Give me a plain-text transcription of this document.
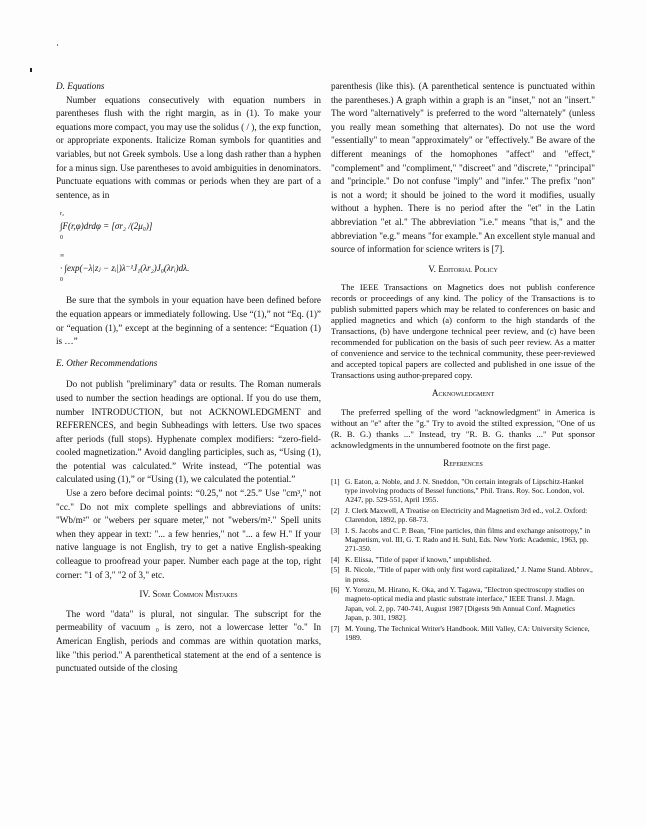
D. Equations

Number equations consecutively with equation numbers in parentheses flush with the right margin, as in (1). To make your equations more compact, you may use the solidus ( / ), the exp function, or appropriate exponents. Italicize Roman symbols for quantities and variables, but not Greek symbols. Use a long dash rather than a hyphen for a minus sign. Use parentheses to avoid ambiguities in denominators. Punctuate equations with commas or periods when they are part of a sentence, as in

r₂
∫F(r,φ)drdφ = [σr₂ /(2μ₀)]
0
∞
· ∫exp(−λ|zⱼ − zᵢ|)λ⁻¹J₁(λr₂)J₀(λrᵢ)dλ.
0

Be sure that the symbols in your equation have been defined before the equation appears or immediately following. Use “(1),” not “Eq. (1)” or “equation (1),” except at the beginning of a sentence: “Equation (1) is …”

E. Other Recommendations

Do not publish "preliminary" data or results. The Roman numerals used to number the section headings are optional. If you do use them, number INTRODUCTION, but not ACKNOWLEDGMENT and REFERENCES, and begin Subheadings with letters. Use two spaces after periods (full stops). Hyphenate complex modifiers: “zero-field-cooled magnetization.” Avoid dangling participles, such as, “Using (1), the potential was calculated.” Write instead, “The potential was calculated using (1),” or “Using (1), we calculated the potential.”

Use a zero before decimal points: “0.25,” not “.25.” Use "cm³," not "cc." Do not mix complete spellings and abbreviations of units: "Wb/m²" or "webers per square meter," not "webers/m²." Spell units when they appear in text: "... a few henries," not "... a few H." If your native language is not English, try to get a native English-speaking colleague to proofread your paper. Number each page at the top, right corner: "1 of 3," "2 of 3," etc.

IV. Some Common Mistakes

The word "data" is plural, not singular. The subscript for the permeability of vacuum ₀ is zero, not a lowercase letter "o." In American English, periods and commas are within quotation marks, like "this period." A parenthetical statement at the end of a sentence is punctuated outside of the closing

parenthesis (like this). (A parenthetical sentence is punctuated within the parentheses.) A graph within a graph is an "inset," not an "insert." The word "alternatively" is preferred to the word "alternately" (unless you really mean something that alternates). Do not use the word "essentially" to mean "approximately" or "effectively." Be aware of the different meanings of the homophones "affect" and "effect," "complement" and "compliment," "discreet" and "discrete," "principal" and "principle." Do not confuse "imply" and "infer." The prefix "non" is not a word; it should be joined to the word it modifies, usually without a hyphen. There is no period after the "et" in the Latin abbreviation "et al." The abbreviation "i.e." means "that is," and the abbreviation "e.g." means "for example." An excellent style manual and source of information for science writers is [7].

V. Editorial Policy

The IEEE Transactions on Magnetics does not publish conference records or proceedings of any kind. The policy of the Transactions is to publish submitted papers which may be related to conferences on basic and applied magnetics and which (a) conform to the high standards of the Transactions, (b) have undergone technical peer review, and (c) have been recommended for publication on the basis of such peer review. As a matter of convenience and service to the technical community, these peer-reviewed and accepted topical papers are collected and published in one issue of the Transactions using author-prepared copy.

Acknowledgment

The preferred spelling of the word "acknowledgment" in America is without an "e" after the "g." Try to avoid the stilted expression, "One of us (R. B. G.) thanks ..." Instead, try "R. B. G. thanks ..." Put sponsor acknowledgments in the unnumbered footnote on the first page.

References
[1] G. Eaton, a. Noble, and J. N. Sneddon, "On certain integrals of Lipschitz-Hankel type involving products of Bessel functions," Phil. Trans. Roy. Soc. London, vol. A247, pp. 529-551, April 1955.
[2] J. Clerk Maxwell, A Treatise on Electricity and Magnetism 3rd ed., vol.2. Oxford: Clarendon, 1892, pp. 68-73.
[3] I. S. Jacobs and C. P. Bean, "Fine particles, thin films and exchange anisotropy," in Magnetism, vol. III, G. T. Rado and H. Suhl, Eds. New York: Academic, 1963, pp. 271-350.
[4] K. Elissa, "Title of paper if known," unpublished.
[5] R. Nicole, "Title of paper with only first word capitalized," J. Name Stand. Abbrev., in press.
[6] Y. Yorozu, M. Hirano, K. Oka, and Y. Tagawa, "Electron spectroscopy studies on magneto-optical media and plastic substrate interface," IEEE Transl. J. Magn. Japan, vol. 2, pp. 740-741, August 1987 [Digests 9th Annual Conf. Magnetics Japan, p. 301, 1982].
[7] M. Young, The Technical Writer's Handbook. Mill Valley, CA: University Science, 1989.
